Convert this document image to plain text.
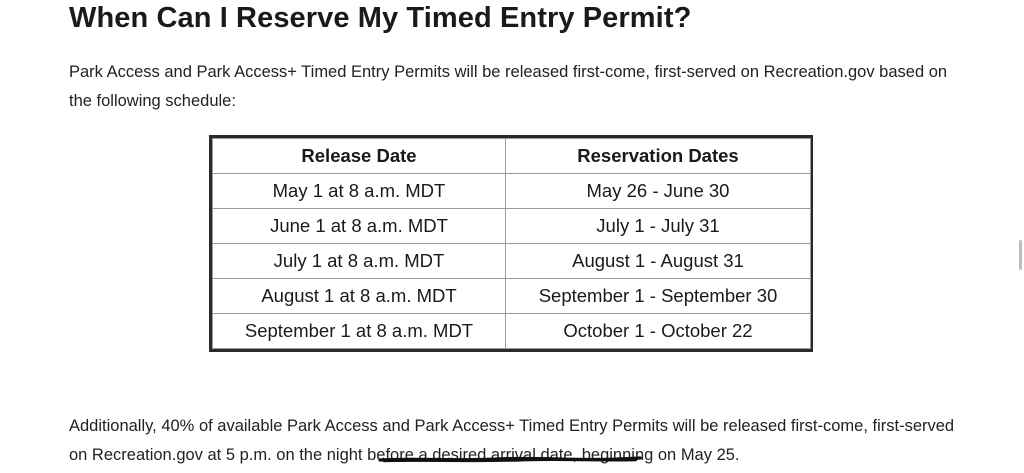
When Can I Reserve My Timed Entry Permit?

Park Access and Park Access+ Timed Entry Permits will be released first-come, first-served on Recreation.gov based on the following schedule:

Release Date	Reservation Dates
May 1 at 8 a.m. MDT	May 26 - June 30
June 1 at 8 a.m. MDT	July 1 - July 31
July 1 at 8 a.m. MDT	August 1 - August 31
August 1 at 8 a.m. MDT	September 1 - September 30
September 1 at 8 a.m. MDT	October 1 - October 22

Additionally, 40% of available Park Access and Park Access+ Timed Entry Permits will be released first-come, first-served on Recreation.gov at 5 p.m. on the night before a desired arrival date, beginning on May 25.
